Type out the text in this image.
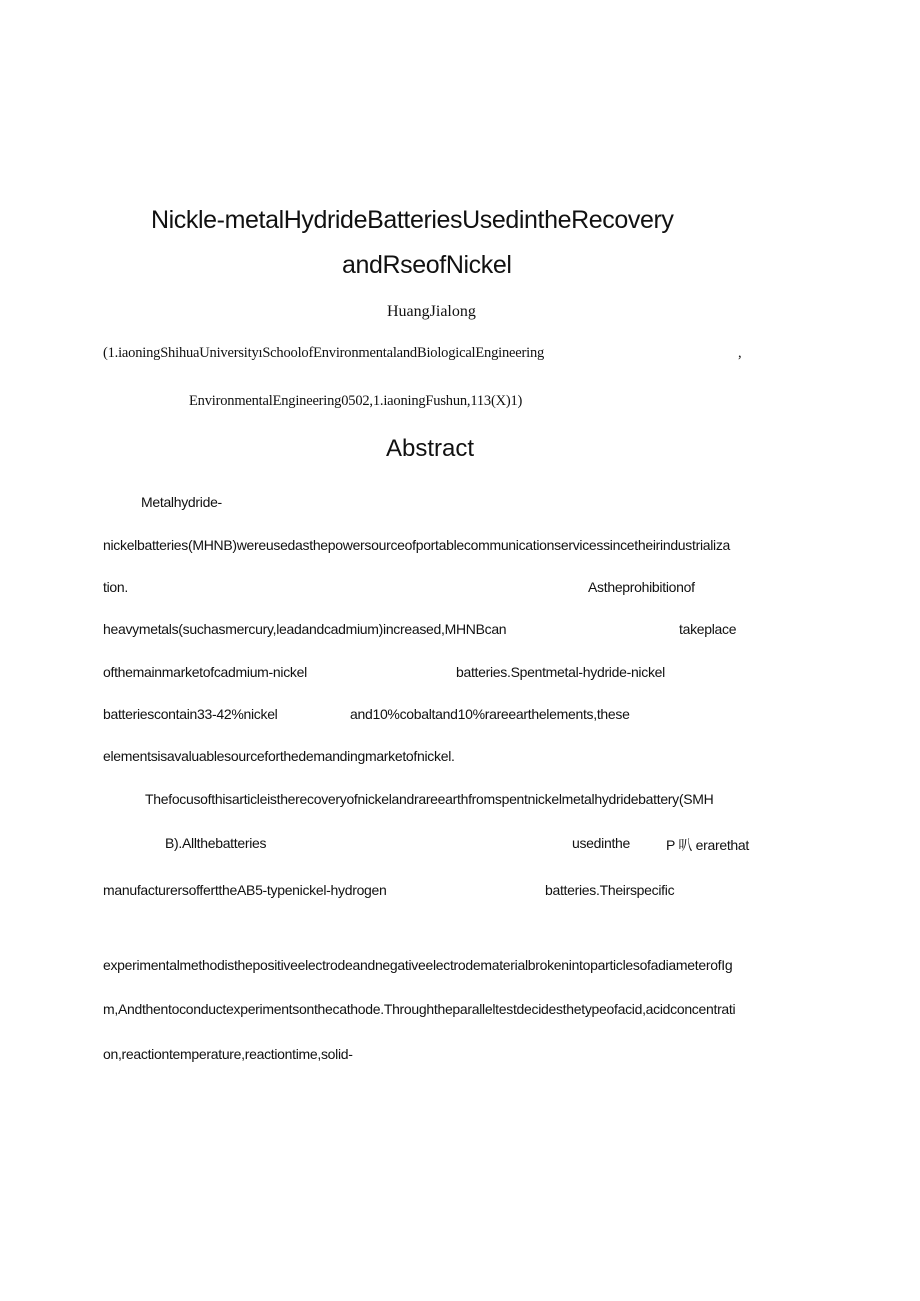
Nickle-metalHydrideBatteriesUsedintheRecovery
andRseofNickel
HuangJialong
(1.iaoningShihuaUniversityıSchoolofEnvironmentalandBiologicalEngineering	,
EnvironmentalEngineering0502,1.iaoningFushun,113(X)1)
Abstract
Metalhydride-
nickelbatteries(MHNB)wereusedasthepowersourceofportablecommunicationservicessincetheirindustrializa
tion.	Astheprohibitionof
heavymetals(suchasmercury,leadandcadmium)increased,MHNBcan	takeplace
ofthemainmarketofcadmium-nickel	batteries.Spentmetal-hydride-nickel
batteriescontain33-42%nickel	and10%cobaltand10%rareearthelements,these
elementsisavaluablesourceforthedemandingmarketofnickel.
Thefocusofthisarticleistherecoveryofnickelandrareearthfromspentnickelmetalhydridebattery(SMH
B).Allthebatteries	usedinthe	P 叭 erarethat
manufacturersofferttheAB5-typenickel-hydrogen	batteries.Theirspecific
experimentalmethodisthepositiveelectrodeandnegativeelectrodematerialbrokenintoparticlesofadiameterofIg
m,Andthentoconductexperimentsonthecathode.Throughtheparalleltestdecidesthetypeofacid,acidconcentrati
on,reactiontemperature,reactiontime,solid-
